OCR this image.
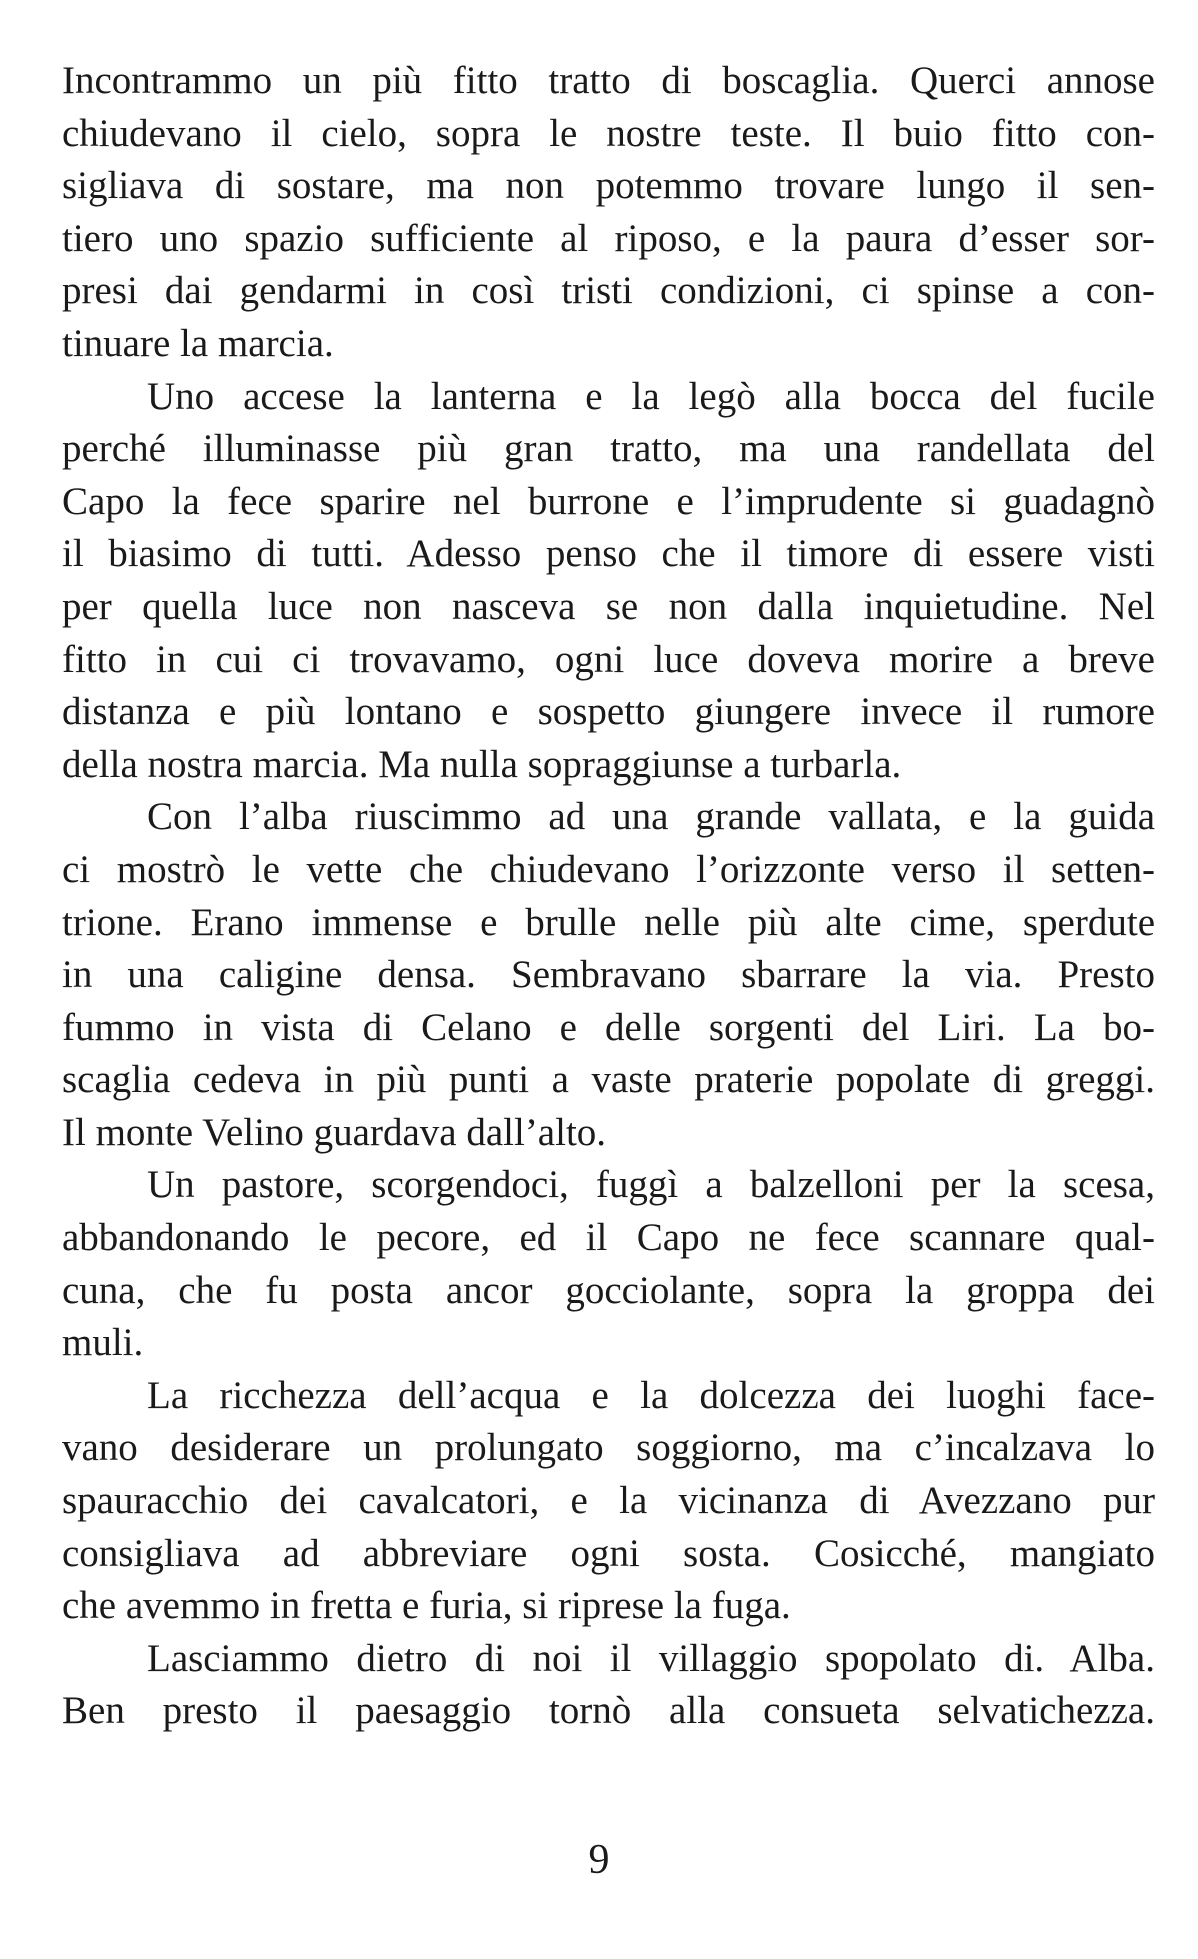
Incontrammo un più fitto tratto di boscaglia. Querci annose
chiudevano il cielo, sopra le nostre teste. Il buio fitto con-
sigliava di sostare, ma non potemmo trovare lungo il sen-
tiero uno spazio sufficiente al riposo, e la paura d’esser sor-
presi dai gendarmi in così tristi condizioni, ci spinse a con-
tinuare la marcia.
Uno accese la lanterna e la legò alla bocca del fucile
perché illuminasse più gran tratto, ma una randellata del
Capo la fece sparire nel burrone e l’imprudente si guadagnò
il biasimo di tutti. Adesso penso che il timore di essere visti
per quella luce non nasceva se non dalla inquietudine. Nel
fitto in cui ci trovavamo, ogni luce doveva morire a breve
distanza e più lontano e sospetto giungere invece il rumore
della nostra marcia. Ma nulla sopraggiunse a turbarla.
Con l’alba riuscimmo ad una grande vallata, e la guida
ci mostrò le vette che chiudevano l’orizzonte verso il setten-
trione. Erano immense e brulle nelle più alte cime, sperdute
in una caligine densa. Sembravano sbarrare la via. Presto
fummo in vista di Celano e delle sorgenti del Liri. La bo-
scaglia cedeva in più punti a vaste praterie popolate di greggi.
Il monte Velino guardava dall’alto.
Un pastore, scorgendoci, fuggì a balzelloni per la scesa,
abbandonando le pecore, ed il Capo ne fece scannare qual-
cuna, che fu posta ancor gocciolante, sopra la groppa dei
muli.
La ricchezza dell’acqua e la dolcezza dei luoghi face-
vano desiderare un prolungato soggiorno, ma c’incalzava lo
spauracchio dei cavalcatori, e la vicinanza di Avezzano pur
consigliava ad abbreviare ogni sosta. Cosicché, mangiato
che avemmo in fretta e furia, si riprese la fuga.
Lasciammo dietro di noi il villaggio spopolato di. Alba.
Ben presto il paesaggio tornò alla consueta selvatichezza.
9
